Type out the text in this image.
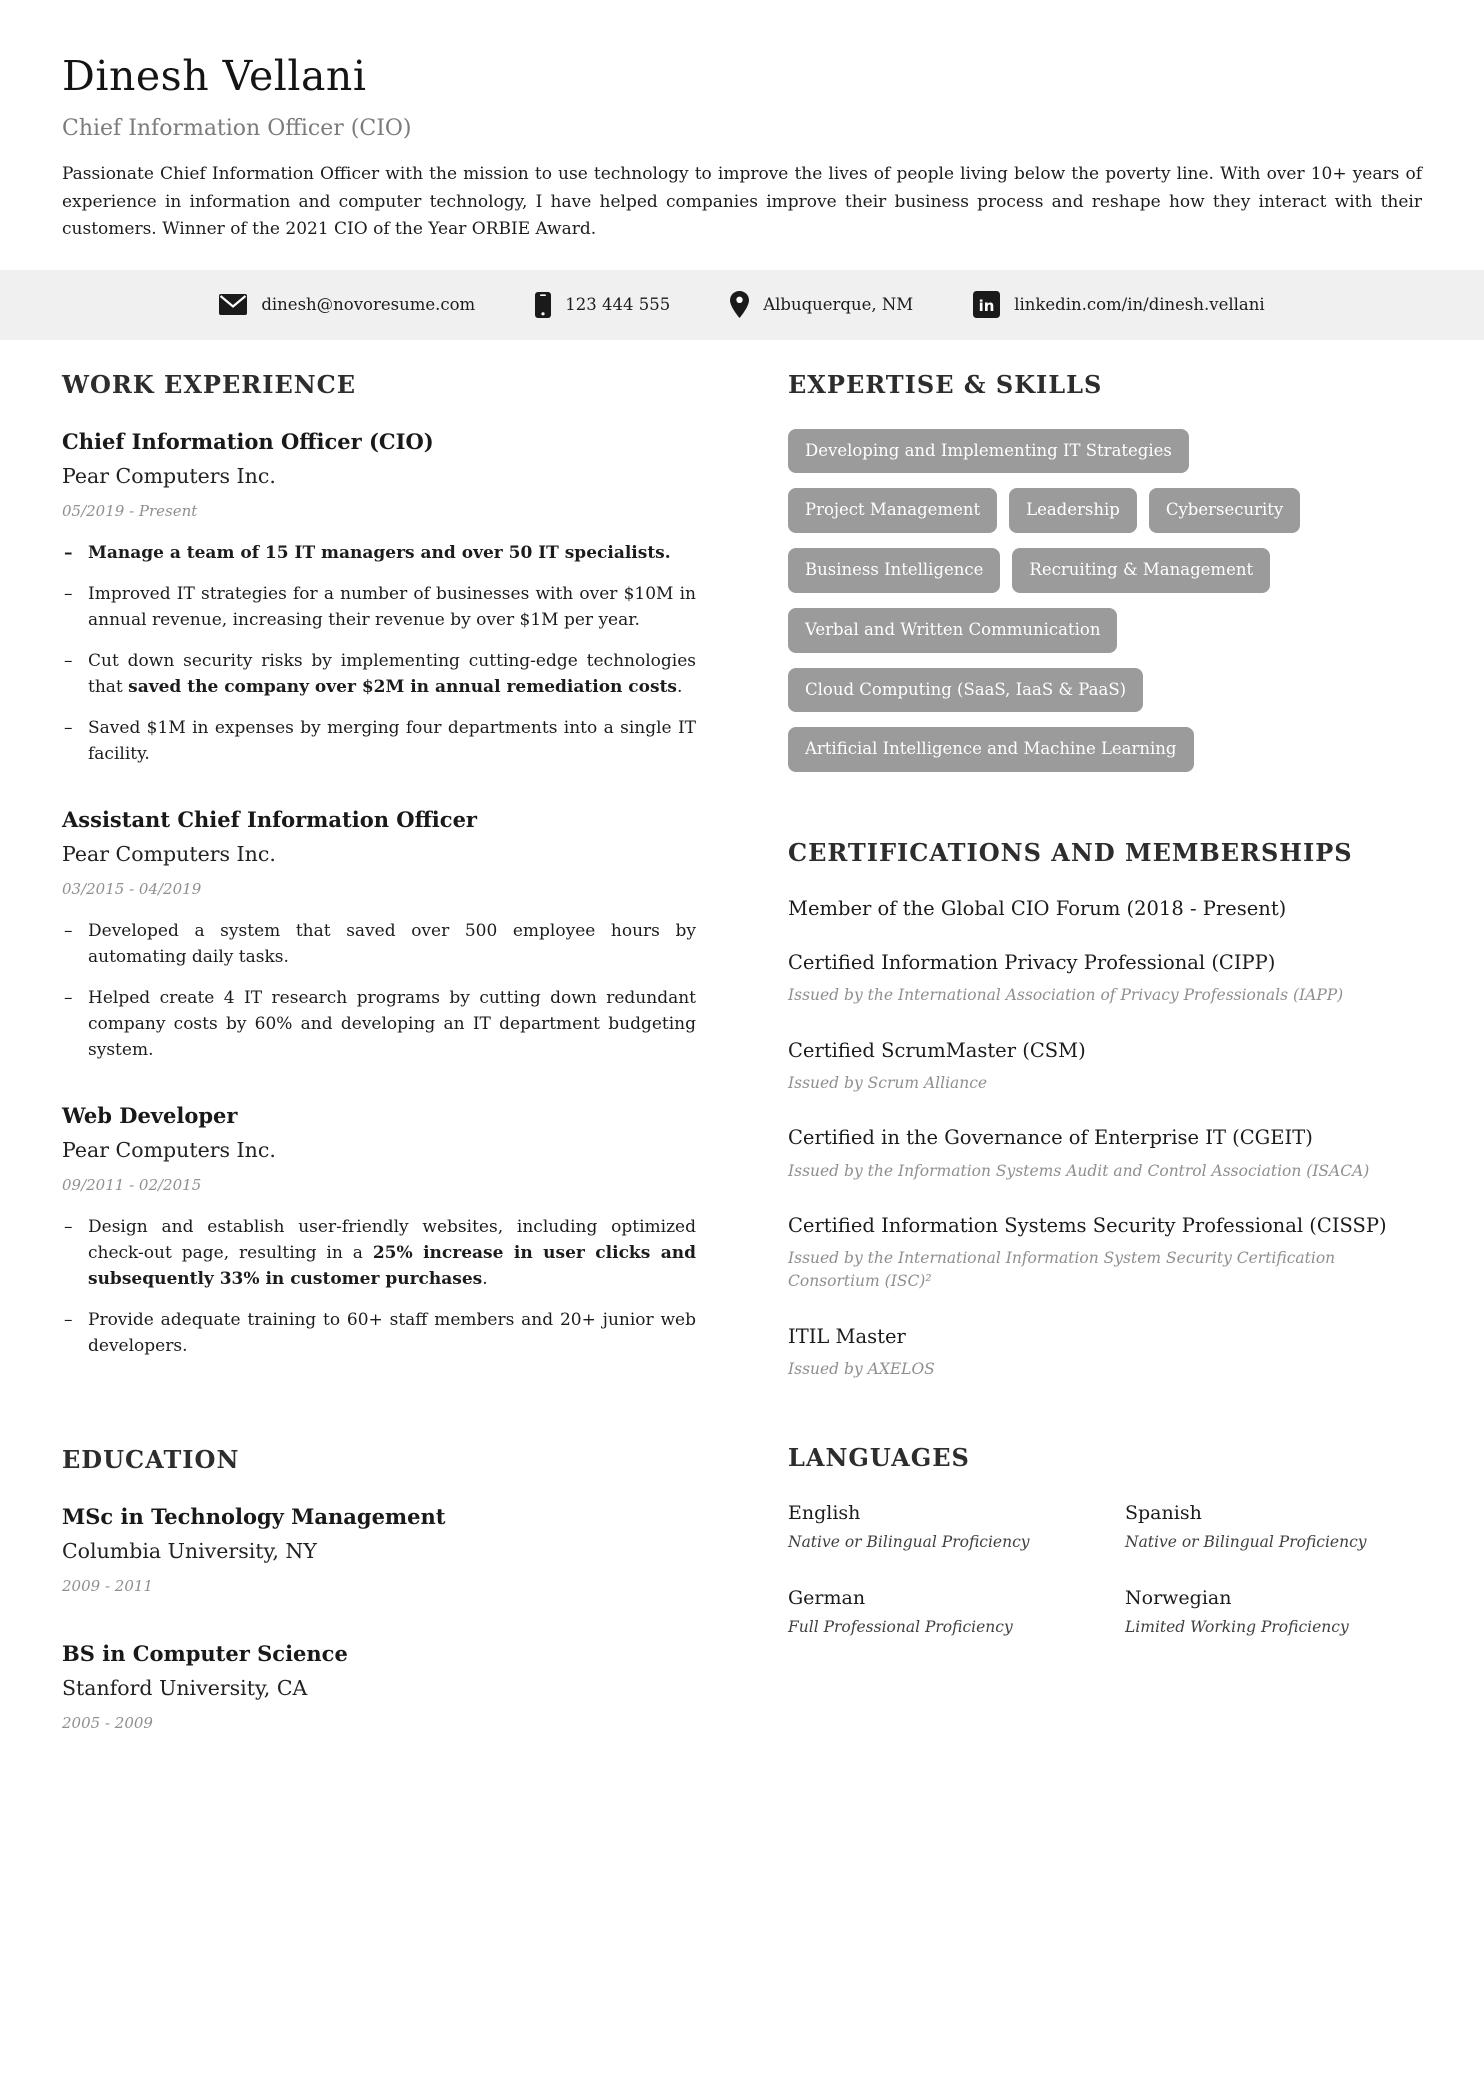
Dinesh Vellani
Chief Information Officer (CIO)
Passionate Chief Information Officer with the mission to use technology to improve the lives of people living below the poverty line. With over 10+ years of experience in information and computer technology, I have helped companies improve their business process and reshape how they interact with their customers. Winner of the 2021 CIO of the Year ORBIE Award.
dinesh@novoresume.com	123 444 555	Albuquerque, NM	in linkedin.com/in/dinesh.vellani
WORK EXPERIENCE
Chief Information Officer (CIO)
Pear Computers Inc.
05/2019 - Present
– Manage a team of 15 IT managers and over 50 IT specialists.
– Improved IT strategies for a number of businesses with over $10M in annual revenue, increasing their revenue by over $1M per year.
– Cut down security risks by implementing cutting-edge technologies that saved the company over $2M in annual remediation costs.
– Saved $1M in expenses by merging four departments into a single IT facility.
Assistant Chief Information Officer
Pear Computers Inc.
03/2015 - 04/2019
– Developed a system that saved over 500 employee hours by automating daily tasks.
– Helped create 4 IT research programs by cutting down redundant company costs by 60% and developing an IT department budgeting system.
Web Developer
Pear Computers Inc.
09/2011 - 02/2015
– Design and establish user-friendly websites, including optimized check-out page, resulting in a 25% increase in user clicks and subsequently 33% in customer purchases.
– Provide adequate training to 60+ staff members and 20+ junior web developers.
EDUCATION
MSc in Technology Management
Columbia University, NY
2009 - 2011
BS in Computer Science
Stanford University, CA
2005 - 2009
EXPERTISE & SKILLS
Developing and Implementing IT Strategies
Project Management	Leadership	Cybersecurity
Business Intelligence	Recruiting & Management
Verbal and Written Communication
Cloud Computing (SaaS, IaaS & PaaS)
Artificial Intelligence and Machine Learning
CERTIFICATIONS AND MEMBERSHIPS
Member of the Global CIO Forum (2018 - Present)
Certified Information Privacy Professional (CIPP)
Issued by the International Association of Privacy Professionals (IAPP)
Certified ScrumMaster (CSM)
Issued by Scrum Alliance
Certified in the Governance of Enterprise IT (CGEIT)
Issued by the Information Systems Audit and Control Association (ISACA)
Certified Information Systems Security Professional (CISSP)
Issued by the International Information System Security Certification Consortium (ISC)²
ITIL Master
Issued by AXELOS
LANGUAGES
English
Native or Bilingual Proficiency
Spanish
Native or Bilingual Proficiency
German
Full Professional Proficiency
Norwegian
Limited Working Proficiency
